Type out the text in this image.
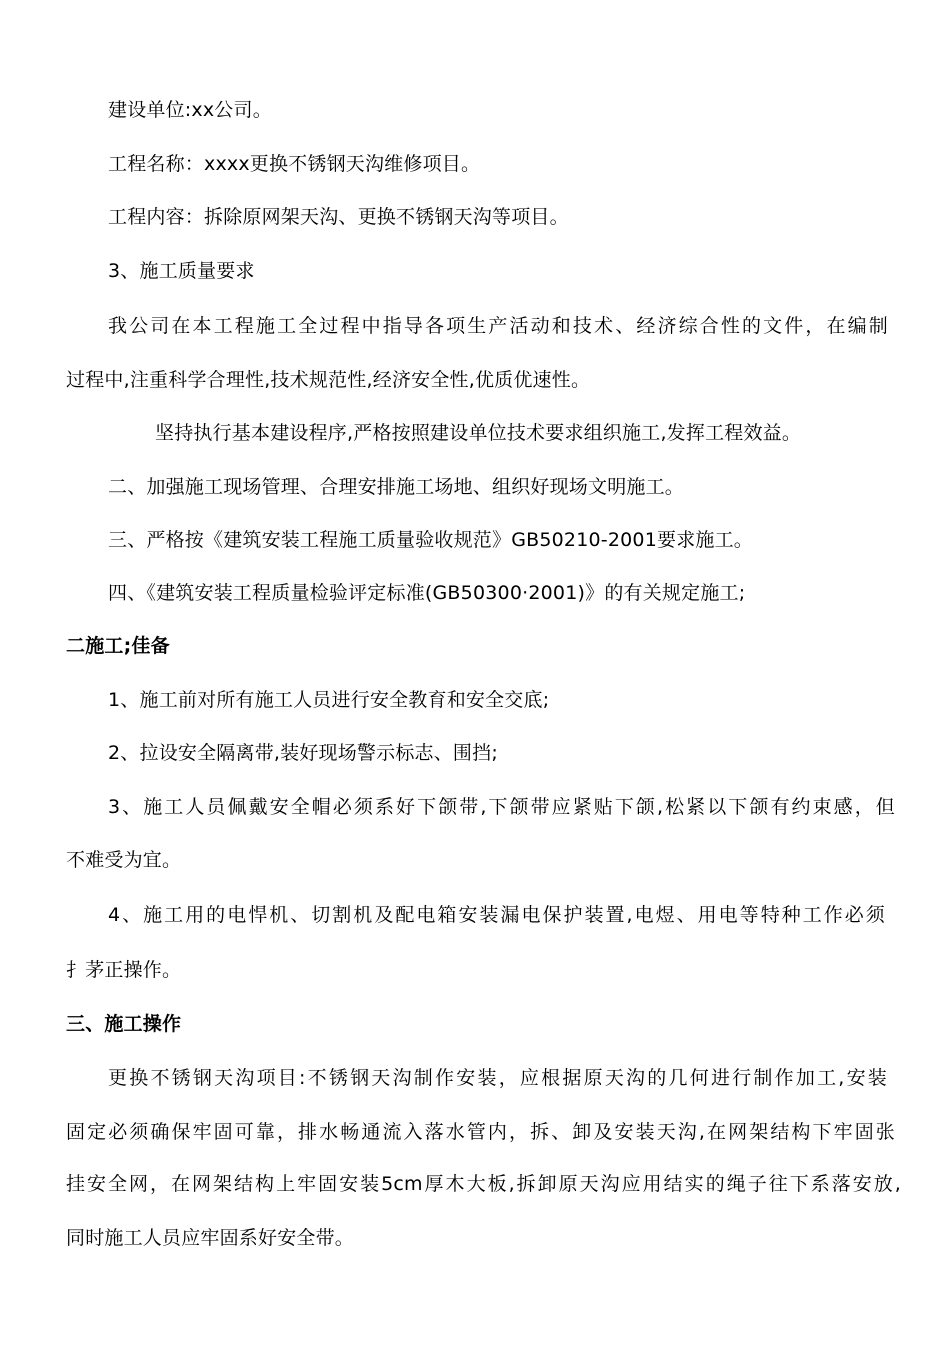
建设单位:xx公司。
工程名称：xxxx更换不锈钢天沟维修项目。
工程内容：拆除原网架天沟、更换不锈钢天沟等项目。
3、施工质量要求
我公司在本工程施工全过程中指导各项生产活动和技术、经济综合性的文件，在编制
过程中,注重科学合理性,技术规范性,经济安全性,优质优速性。
坚持执行基本建设程序,严格按照建设单位技术要求组织施工,发挥工程效益。
二、加强施工现场管理、合理安排施工场地、组织好现场文明施工。
三、严格按《建筑安装工程施工质量验收规范》GB50210-2001要求施工。
四、《建筑安装工程质量检验评定标准(GB50300·2001)》的有关规定施工;
二施工;佳备
1、施工前对所有施工人员进行安全教育和安全交底;
2、拉设安全隔离带,装好现场警示标志、围挡;
3、施工人员佩戴安全帽必须系好下颌带,下颌带应紧贴下颌,松紧以下颌有约束感，但
不难受为宜。
4、施工用的电悍机、切割机及配电箱安装漏电保护装置,电煜、用电等特种工作必须
扌茅正操作。
三、施工操作
更换不锈钢天沟项目:不锈钢天沟制作安装，应根据原天沟的几何进行制作加工,安装
固定必须确保牢固可靠，排水畅通流入落水管内，拆、卸及安装天沟,在网架结构下牢固张
挂安全网，在网架结构上牢固安装5cm厚木大板,拆卸原天沟应用结实的绳子往下系落安放,
同时施工人员应牢固系好安全带。
